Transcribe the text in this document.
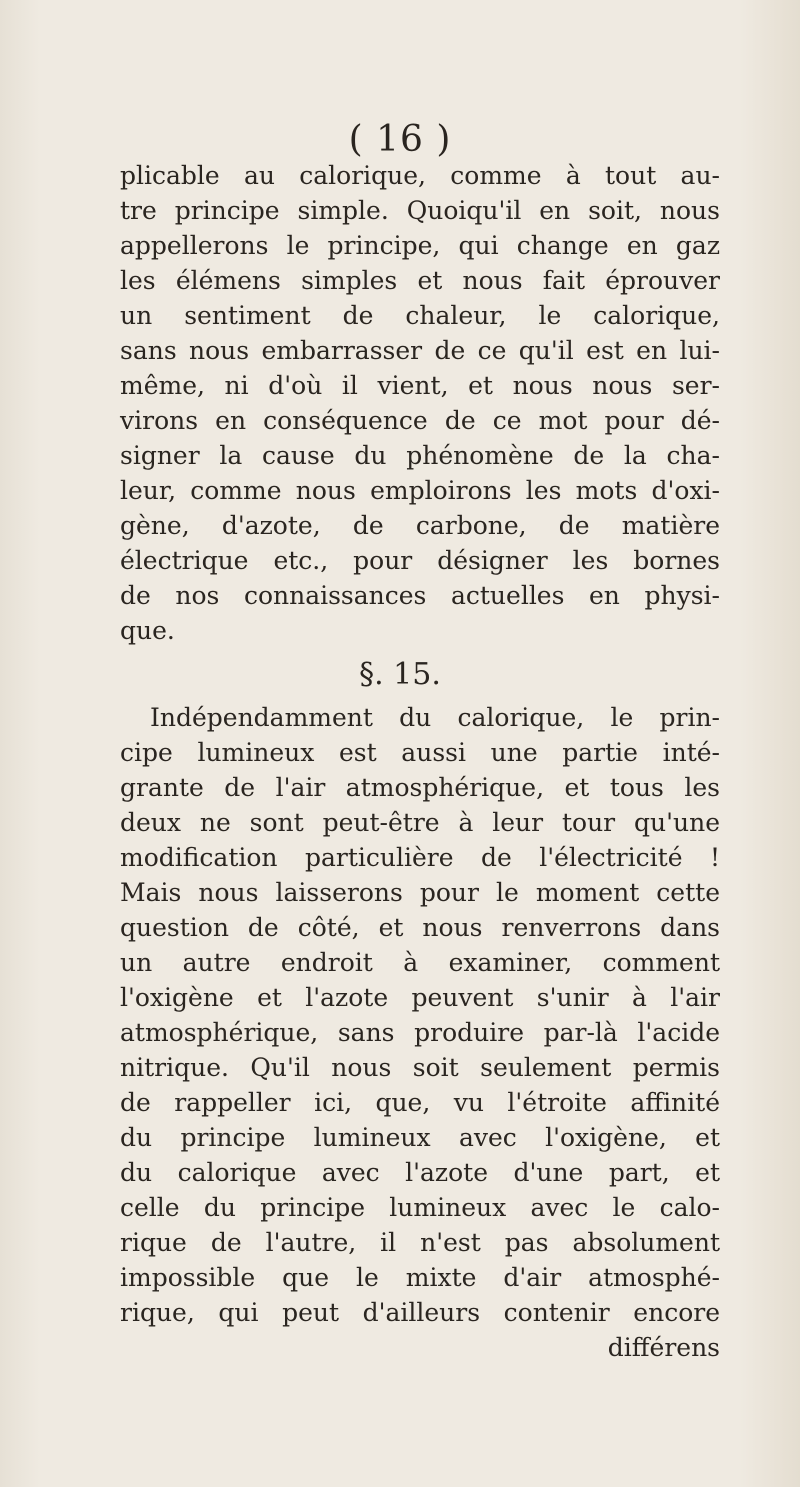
( 16 )
plicable au calorique, comme à tout au-
tre principe simple. Quoiqu'il en soit, nous
appellerons le principe, qui change en gaz
les élémens simples et nous fait éprouver
un sentiment de chaleur, le calorique,
sans nous embarrasser de ce qu'il est en lui-
même, ni d'où il vient, et nous nous ser-
virons en conséquence de ce mot pour dé-
signer la cause du phénomène de la cha-
leur, comme nous emploirons les mots d'oxi-
gène, d'azote, de carbone, de matière
électrique etc., pour désigner les bornes
de nos connaissances actuelles en physi-
que.
§. 15.
Indépendamment du calorique, le prin-
cipe lumineux est aussi une partie inté-
grante de l'air atmosphérique, et tous les
deux ne sont peut-être à leur tour qu'une
modification particulière de l'électricité !
Mais nous laisserons pour le moment cette
question de côté, et nous renverrons dans
un autre endroit à examiner, comment
l'oxigène et l'azote peuvent s'unir à l'air
atmosphérique, sans produire par-là l'acide
nitrique. Qu'il nous soit seulement permis
de rappeller ici, que, vu l'étroite affinité
du principe lumineux avec l'oxigène, et
du calorique avec l'azote d'une part, et
celle du principe lumineux avec le calo-
rique de l'autre, il n'est pas absolument
impossible que le mixte d'air atmosphé-
rique, qui peut d'ailleurs contenir encore
différens
